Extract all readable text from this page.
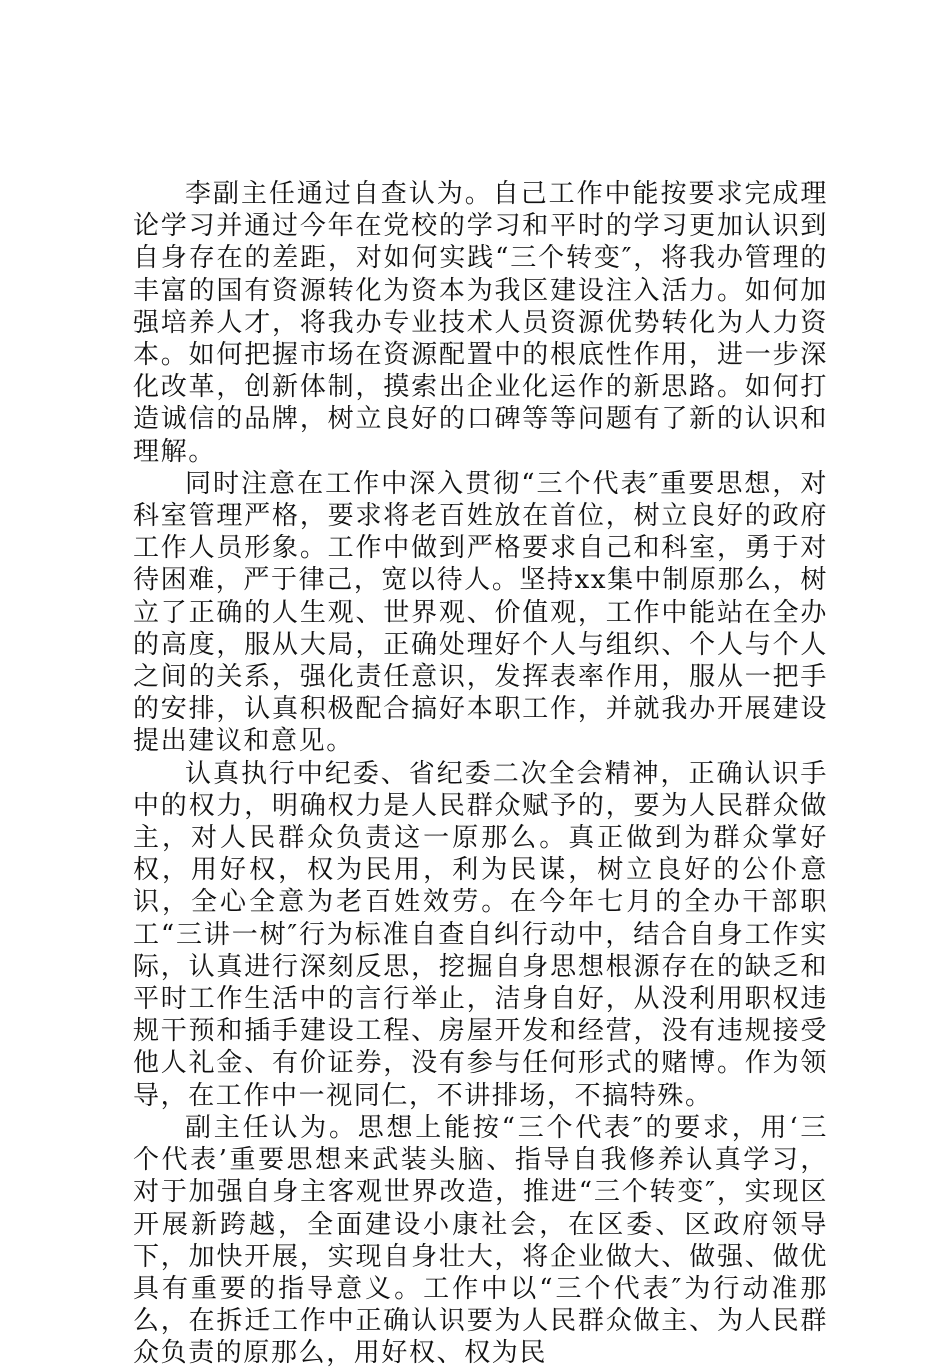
李副主任通过自查认为。自己工作中能按要求完成理论学习并通过今年在党校的学习和平时的学习更加认识到自身存在的差距，对如何实践“三个转变″，将我办管理的丰富的国有资源转化为资本为我区建设注入活力。如何加强培养人才，将我办专业技术人员资源优势转化为人力资本。如何把握市场在资源配置中的根底性作用，进一步深化改革，创新体制，摸索出企业化运作的新思路。如何打造诚信的品牌，树立良好的口碑等等问题有了新的认识和理解。

同时注意在工作中深入贯彻“三个代表″重要思想，对科室管理严格，要求将老百姓放在首位，树立良好的政府工作人员形象。工作中做到严格要求自己和科室，勇于对待困难，严于律己，宽以待人。坚持xx集中制原那么，树立了正确的人生观、世界观、价值观，工作中能站在全办的高度，服从大局，正确处理好个人与组织、个人与个人之间的关系，强化责任意识，发挥表率作用，服从一把手的安排，认真积极配合搞好本职工作，并就我办开展建设提出建议和意见。

认真执行中纪委、省纪委二次全会精神，正确认识手中的权力，明确权力是人民群众赋予的，要为人民群众做主，对人民群众负责这一原那么。真正做到为群众掌好权，用好权，权为民用，利为民谋，树立良好的公仆意识，全心全意为老百姓效劳。在今年七月的全办干部职工“三讲一树″行为标准自查自纠行动中，结合自身工作实际，认真进行深刻反思，挖掘自身思想根源存在的缺乏和平时工作生活中的言行举止，洁身自好，从没利用职权违规干预和插手建设工程、房屋开发和经营，没有违规接受他人礼金、有价证券，没有参与任何形式的赌博。作为领导，在工作中一视同仁，不讲排场，不搞特殊。

副主任认为。思想上能按“三个代表″的要求，用‘三个代表’重要思想来武装头脑、指导自我修养认真学习，对于加强自身主客观世界改造，推进“三个转变″，实现区开展新跨越，全面建设小康社会，在区委、区政府领导下，加快开展，实现自身壮大，将企业做大、做强、做优具有重要的指导意义。工作中以“三个代表″为行动准那么，在拆迁工作中正确认识要为人民群众做主、为人民群众负责的原那么，用好权、权为民
